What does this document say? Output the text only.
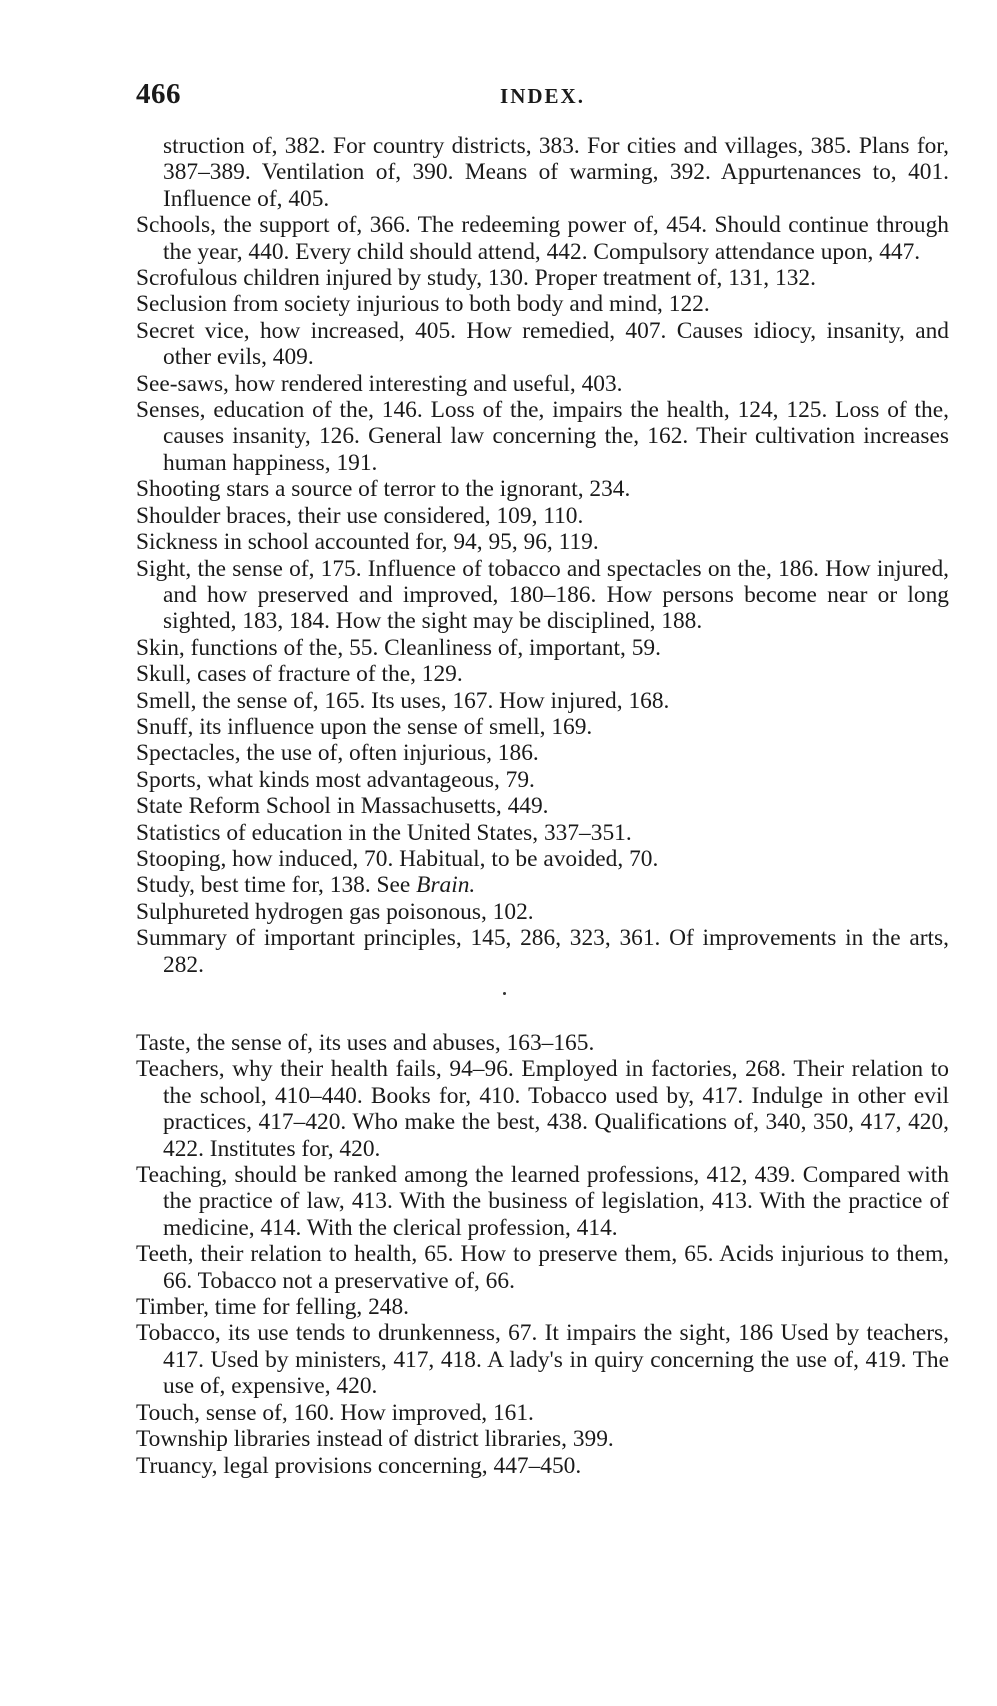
466	INDEX.

struction of, 382. For country districts, 383. For cities and villages, 385. Plans for, 387–389. Ventilation of, 390. Means of warming, 392. Appurtenances to, 401. Influence of, 405.

Schools, the support of, 366. The redeeming power of, 454. Should continue through the year, 440. Every child should attend, 442. Compulsory attendance upon, 447.

Scrofulous children injured by study, 130. Proper treatment of, 131, 132.

Seclusion from society injurious to both body and mind, 122.

Secret vice, how increased, 405. How remedied, 407. Causes idiocy, insanity, and other evils, 409.

See-saws, how rendered interesting and useful, 403.

Senses, education of the, 146. Loss of the, impairs the health, 124, 125. Loss of the, causes insanity, 126. General law concerning the, 162. Their cultivation increases human happiness, 191.

Shooting stars a source of terror to the ignorant, 234.

Shoulder braces, their use considered, 109, 110.

Sickness in school accounted for, 94, 95, 96, 119.

Sight, the sense of, 175. Influence of tobacco and spectacles on the, 186. How injured, and how preserved and improved, 180–186. How persons become near or long sighted, 183, 184. How the sight may be disciplined, 188.

Skin, functions of the, 55. Cleanliness of, important, 59.

Skull, cases of fracture of the, 129.

Smell, the sense of, 165. Its uses, 167. How injured, 168.

Snuff, its influence upon the sense of smell, 169.

Spectacles, the use of, often injurious, 186.

Sports, what kinds most advantageous, 79.

State Reform School in Massachusetts, 449.

Statistics of education in the United States, 337–351.

Stooping, how induced, 70. Habitual, to be avoided, 70.

Study, best time for, 138. See Brain.

Sulphureted hydrogen gas poisonous, 102.

Summary of important principles, 145, 286, 323, 361. Of improvements in the arts, 282.

Taste, the sense of, its uses and abuses, 163–165.

Teachers, why their health fails, 94–96. Employed in factories, 268. Their relation to the school, 410–440. Books for, 410. Tobacco used by, 417. Indulge in other evil practices, 417–420. Who make the best, 438. Qualifications of, 340, 350, 417, 420, 422. Institutes for, 420.

Teaching, should be ranked among the learned professions, 412, 439. Compared with the practice of law, 413. With the business of legislation, 413. With the practice of medicine, 414. With the clerical profession, 414.

Teeth, their relation to health, 65. How to preserve them, 65. Acids injurious to them, 66. Tobacco not a preservative of, 66.

Timber, time for felling, 248.

Tobacco, its use tends to drunkenness, 67. It impairs the sight, 186 Used by teachers, 417. Used by ministers, 417, 418. A lady's in quiry concerning the use of, 419. The use of, expensive, 420.

Touch, sense of, 160. How improved, 161.

Township libraries instead of district libraries, 399.

Truancy, legal provisions concerning, 447–450.
